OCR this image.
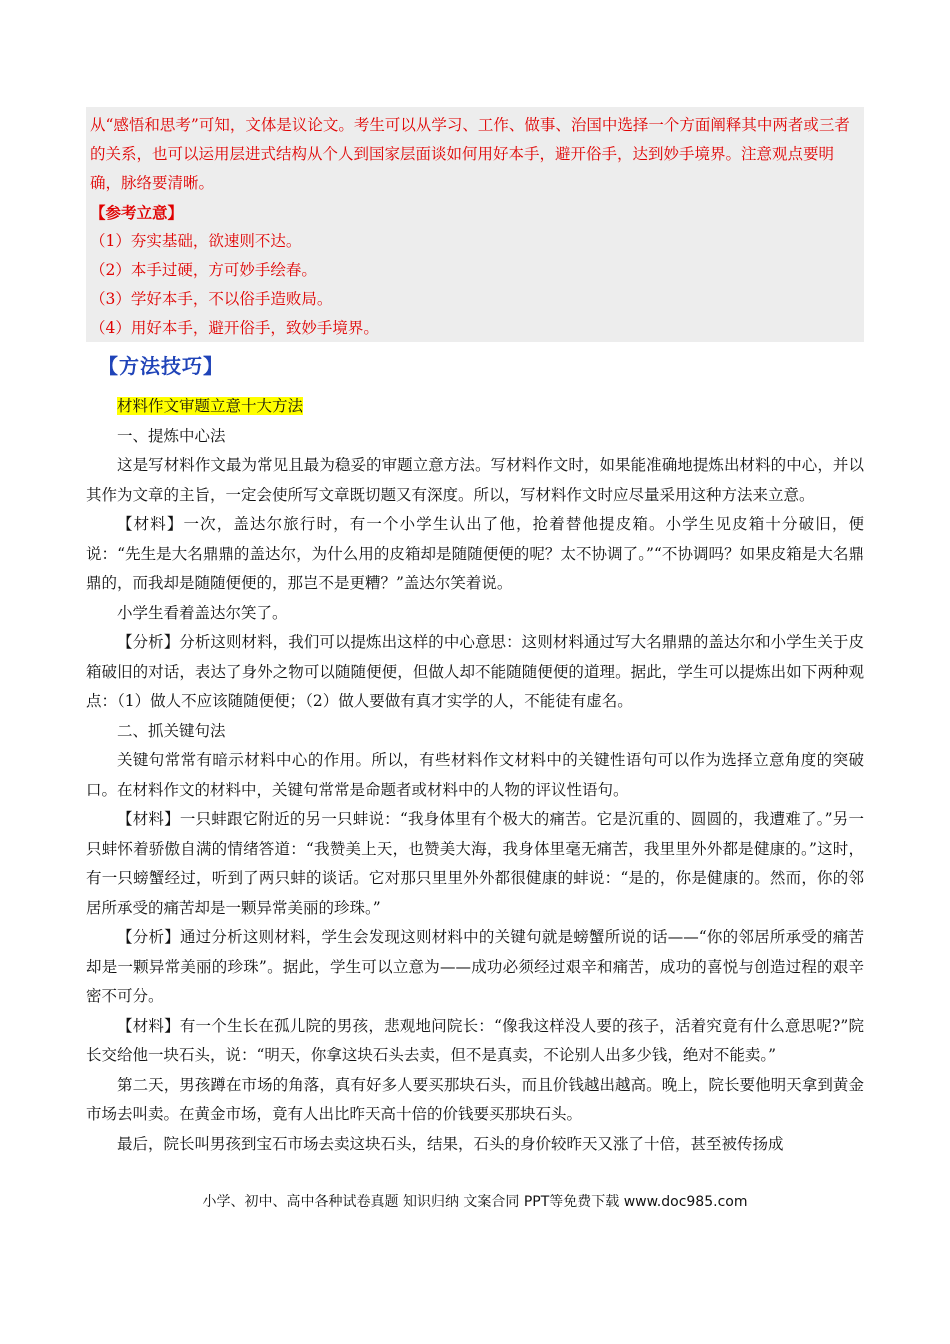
从“感悟和思考”可知，文体是议论文。考生可以从学习、工作、做事、治国中选择一个方面阐释其中两者或三者的关系，也可以运用层进式结构从个人到国家层面谈如何用好本手，避开俗手，达到妙手境界。注意观点要明确，脉络要清晰。

【参考立意】

（1）夯实基础，欲速则不达。

（2）本手过硬，方可妙手绘春。

（3）学好本手，不以俗手造败局。

（4）用好本手，避开俗手，致妙手境界。

【方法技巧】

材料作文审题立意十大方法

一、提炼中心法

这是写材料作文最为常见且最为稳妥的审题立意方法。写材料作文时，如果能准确地提炼出材料的中心，并以其作为文章的主旨，一定会使所写文章既切题又有深度。所以，写材料作文时应尽量采用这种方法来立意。

【材料】一次，盖达尔旅行时，有一个小学生认出了他，抢着替他提皮箱。小学生见皮箱十分破旧，便说：“先生是大名鼎鼎的盖达尔，为什么用的皮箱却是随随便便的呢？太不协调了。”“不协调吗？如果皮箱是大名鼎鼎的，而我却是随随便便的，那岂不是更糟？”盖达尔笑着说。

小学生看着盖达尔笑了。

【分析】分析这则材料，我们可以提炼出这样的中心意思：这则材料通过写大名鼎鼎的盖达尔和小学生关于皮箱破旧的对话，表达了身外之物可以随随便便，但做人却不能随随便便的道理。据此，学生可以提炼出如下两种观点：（1）做人不应该随随便便；（2）做人要做有真才实学的人，不能徒有虚名。

二、抓关键句法

关键句常常有暗示材料中心的作用。所以，有些材料作文材料中的关键性语句可以作为选择立意角度的突破口。在材料作文的材料中，关键句常常是命题者或材料中的人物的评议性语句。

【材料】一只蚌跟它附近的另一只蚌说：“我身体里有个极大的痛苦。它是沉重的、圆圆的，我遭难了。”另一只蚌怀着骄傲自满的情绪答道：“我赞美上天，也赞美大海，我身体里毫无痛苦，我里里外外都是健康的。”这时，有一只螃蟹经过，听到了两只蚌的谈话。它对那只里里外外都很健康的蚌说：“是的，你是健康的。然而，你的邻居所承受的痛苦却是一颗异常美丽的珍珠。”

【分析】通过分析这则材料，学生会发现这则材料中的关键句就是螃蟹所说的话——“你的邻居所承受的痛苦却是一颗异常美丽的珍珠”。据此，学生可以立意为——成功必须经过艰辛和痛苦，成功的喜悦与创造过程的艰辛密不可分。

【材料】有一个生长在孤儿院的男孩，悲观地问院长：“像我这样没人要的孩子，活着究竟有什么意思呢?”院长交给他一块石头，说：“明天，你拿这块石头去卖，但不是真卖，不论别人出多少钱，绝对不能卖。”

第二天，男孩蹲在市场的角落，真有好多人要买那块石头，而且价钱越出越高。晚上，院长要他明天拿到黄金市场去叫卖。在黄金市场，竟有人出比昨天高十倍的价钱要买那块石头。

最后，院长叫男孩到宝石市场去卖这块石头，结果，石头的身价较昨天又涨了十倍，甚至被传扬成

小学、初中、高中各种试卷真题 知识归纳 文案合同 PPT等免费下载 www.doc985.com
